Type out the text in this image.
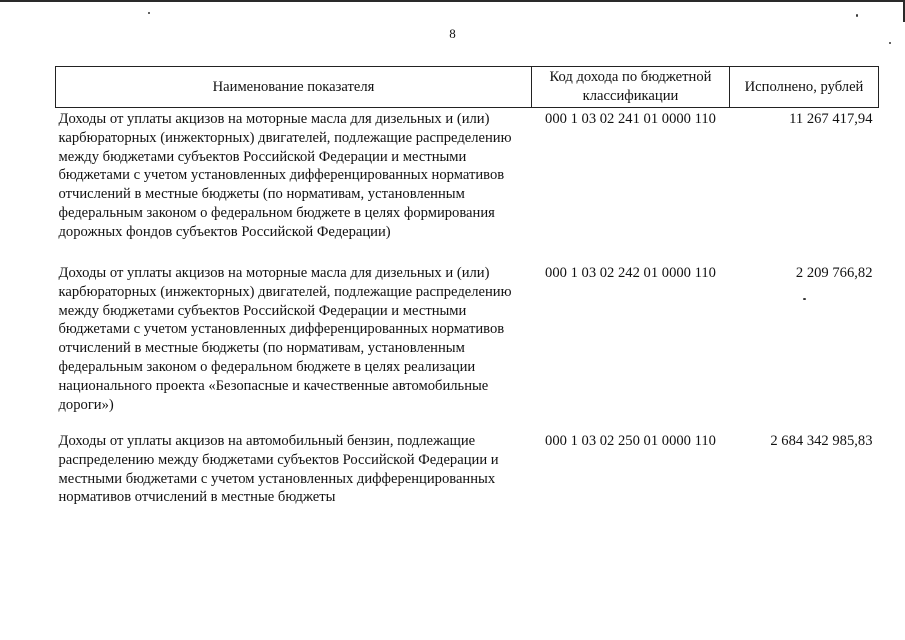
8
Наименование показателя	Код дохода по бюджетной классификации	Исполнено, рублей
Доходы от уплаты акцизов на моторные масла для дизельных и (или) карбюраторных (инжекторных) двигателей, подлежащие распределению между бюджетами субъектов Российской Федерации и местными бюджетами с учетом установленных дифференцированных нормативов отчислений в местные бюджеты (по нормативам, установленным федеральным законом о федеральном бюджете в целях формирования дорожных фондов субъектов Российской Федерации)	000 1 03 02 241 01 0000 110	11 267 417,94
Доходы от уплаты акцизов на моторные масла для дизельных и (или) карбюраторных (инжекторных) двигателей, подлежащие распределению между бюджетами субъектов Российской Федерации и местными бюджетами с учетом установленных дифференцированных нормативов отчислений в местные бюджеты (по нормативам, установленным федеральным законом о федеральном бюджете в целях реализации национального проекта «Безопасные и качественные автомобильные дороги»)	000 1 03 02 242 01 0000 110	2 209 766,82
Доходы от уплаты акцизов на автомобильный бензин, подлежащие распределению между бюджетами субъектов Российской Федерации и местными бюджетами с учетом установленных дифференцированных нормативов отчислений в местные бюджеты	000 1 03 02 250 01 0000 110	2 684 342 985,83
